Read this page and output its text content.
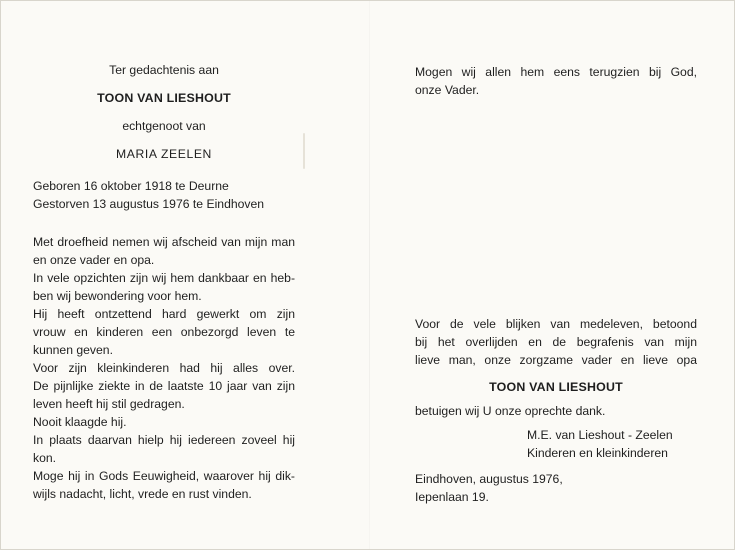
Ter gedachtenis aan
TOON VAN LIESHOUT
echtgenoot van
MARIA ZEELEN
Geboren 16 oktober 1918 te Deurne
Gestorven 13 augustus 1976 te Eindhoven
Met droefheid nemen wij afscheid van mijn man
en onze vader en opa.
In vele opzichten zijn wij hem dankbaar en heb-
ben wij bewondering voor hem.
Hij heeft ontzettend hard gewerkt om zijn
vrouw en kinderen een onbezorgd leven te
kunnen geven.
Voor zijn kleinkinderen had hij alles over.
De pijnlijke ziekte in de laatste 10 jaar van zijn
leven heeft hij stil gedragen.
Nooit klaagde hij.
In plaats daarvan hielp hij iedereen zoveel hij
kon.
Moge hij in Gods Eeuwigheid, waarover hij dik-
wijls nadacht, licht, vrede en rust vinden.
Mogen wij allen hem eens terugzien bij God,
onze Vader.
Voor de vele blijken van medeleven, betoond
bij het overlijden en de begrafenis van mijn
lieve man, onze zorgzame vader en lieve opa
TOON VAN LIESHOUT
betuigen wij U onze oprechte dank.
M.E. van Lieshout - Zeelen
Kinderen en kleinkinderen
Eindhoven, augustus 1976,
Iepenlaan 19.
